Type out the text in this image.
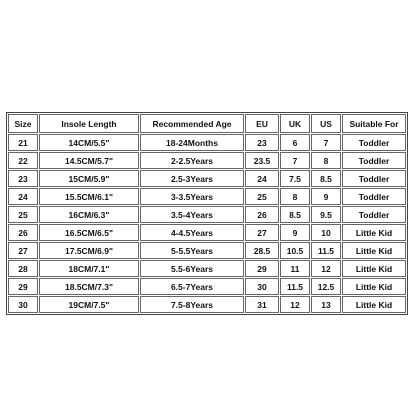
Size	Insole Length	Recommended Age	EU	UK	US	Suitable For
21	14CM/5.5"	18-24Months	23	6	7	Toddler
22	14.5CM/5.7"	2-2.5Years	23.5	7	8	Toddler
23	15CM/5.9"	2.5-3Years	24	7.5	8.5	Toddler
24	15.5CM/6.1"	3-3.5Years	25	8	9	Toddler
25	16CM/6.3"	3.5-4Years	26	8.5	9.5	Toddler
26	16.5CM/6.5"	4-4.5Years	27	9	10	Little Kid
27	17.5CM/6.9"	5-5.5Years	28.5	10.5	11.5	Little Kid
28	18CM/7.1"	5.5-6Years	29	11	12	Little Kid
29	18.5CM/7.3"	6.5-7Years	30	11.5	12.5	Little Kid
30	19CM/7.5"	7.5-8Years	31	12	13	Little Kid
